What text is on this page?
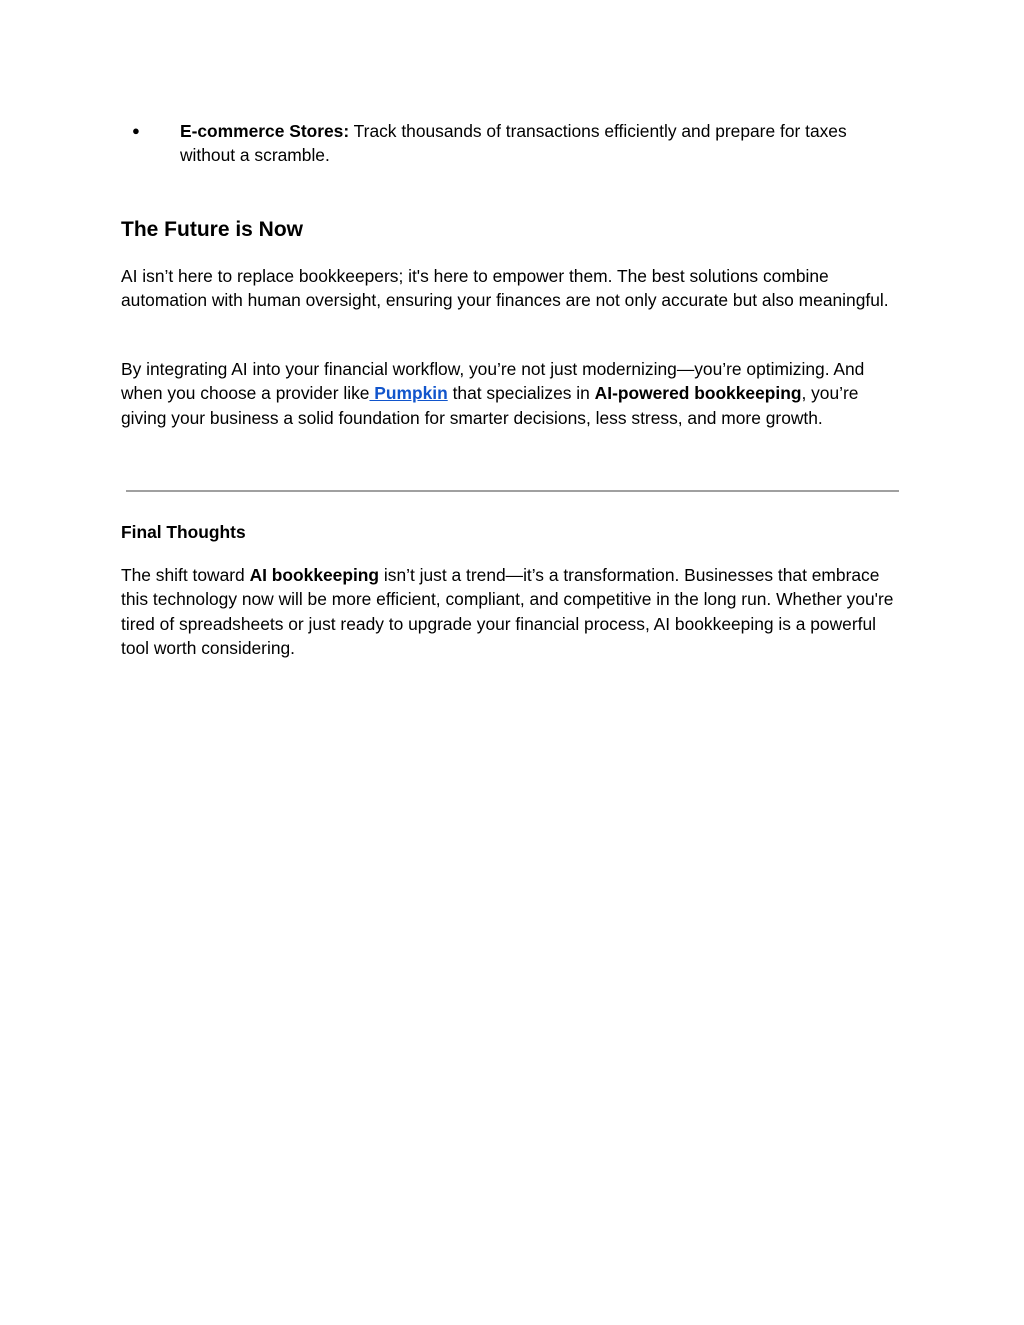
●	E-commerce Stores: Track thousands of transactions efficiently and prepare for taxes without a scramble.
The Future is Now

AI isn’t here to replace bookkeepers; it's here to empower them. The best solutions combine automation with human oversight, ensuring your finances are not only accurate but also meaningful.

By integrating AI into your financial workflow, you’re not just modernizing—you’re optimizing. And when you choose a provider like Pumpkin that specializes in AI-powered bookkeeping, you’re giving your business a solid foundation for smarter decisions, less stress, and more growth.

Final Thoughts

The shift toward AI bookkeeping isn’t just a trend—it’s a transformation. Businesses that embrace this technology now will be more efficient, compliant, and competitive in the long run. Whether you're tired of spreadsheets or just ready to upgrade your financial process, AI bookkeeping is a powerful tool worth considering.
